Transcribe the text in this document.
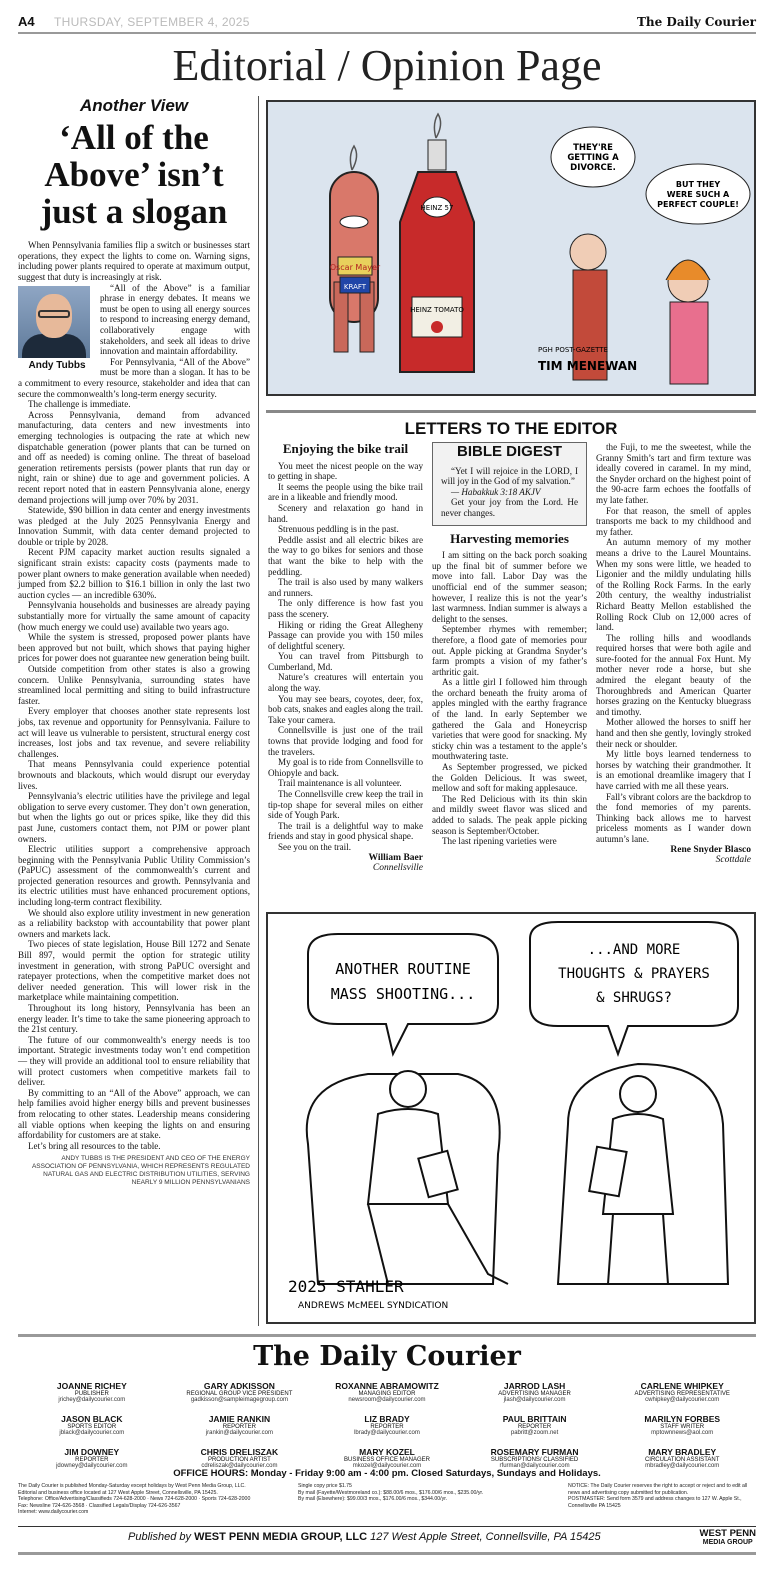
A4 THURSDAY, SEPTEMBER 4, 2025	The Daily Courier
Editorial / Opinion Page
Another View
‘All of the Above’ isn’t just a slogan

When Pennsylvania families flip a switch or businesses start operations, they expect the lights to come on. Warning signs, including power plants required to operate at maximum output, suggest that duty is increasingly at risk.

Andy Tubbs

“All of the Above” is a familiar phrase in energy debates. It means we must be open to using all energy sources to respond to increasing energy demand, collaboratively engage with stakeholders, and seek all ideas to drive innovation and maintain affordability.

For Pennsylvania, “All of the Above” must be more than a slogan. It has to be a commitment to every resource, stakeholder and idea that can secure the commonwealth’s long-term energy security.

The challenge is immediate.

Across Pennsylvania, demand from advanced manufacturing, data centers and new investments into emerging technologies is outpacing the rate at which new dispatchable generation (power plants that can be turned on and off as needed) is coming online. The threat of baseload generation retirements persists (power plants that run day or night, rain or shine) due to age and government policies. A recent report noted that in eastern Pennsylvania alone, energy demand projections will jump over 70% by 2031.

Statewide, $90 billion in data center and energy investments was pledged at the July 2025 Pennsylvania Energy and Innovation Summit, with data center demand projected to double or triple by 2028.

Recent PJM capacity market auction results signaled a significant strain exists: capacity costs (payments made to power plant owners to make generation available when needed) jumped from $2.2 billion to $16.1 billion in only the last two auction cycles — an incredible 630%.

Pennsylvania households and businesses are already paying substantially more for virtually the same amount of capacity (how much energy we could use) available two years ago.

While the system is stressed, proposed power plants have been approved but not built, which shows that paying higher prices for power does not guarantee new generation being built.

Outside competition from other states is also a growing concern. Unlike Pennsylvania, surrounding states have streamlined local permitting and siting to build infrastructure faster.

Every employer that chooses another state represents lost jobs, tax revenue and opportunity for Pennsylvania. Failure to act will leave us vulnerable to persistent, structural energy cost increases, lost jobs and tax revenue, and severe reliability challenges.

That means Pennsylvania could experience potential brownouts and blackouts, which would disrupt our everyday lives.

Pennsylvania’s electric utilities have the privilege and legal obligation to serve every customer. They don’t own generation, but when the lights go out or prices spike, like they did this past June, customers contact them, not PJM or power plant owners.

Electric utilities support a comprehensive approach beginning with the Pennsylvania Public Utility Commission’s (PaPUC) assessment of the commonwealth’s current and projected generation resources and growth. Pennsylvania and its electric utilities must have enhanced procurement options, including long-term contract flexibility.

We should also explore utility investment in new generation as a reliability backstop with accountability that power plant owners and markets lack.

Two pieces of state legislation, House Bill 1272 and Senate Bill 897, would permit the option for strategic utility investment in generation, with strong PaPUC oversight and ratepayer protections, when the competitive market does not deliver needed generation. This will lower risk in the marketplace while maintaining competition.

Throughout its long history, Pennsylvania has been an energy leader. It’s time to take the same pioneering approach to the 21st century.

The future of our commonwealth’s energy needs is too important. Strategic investments today won’t end competition — they will provide an additional tool to ensure reliability that will protect customers when competitive markets fail to deliver.

By committing to an “All of the Above” approach, we can help families avoid higher energy bills and prevent businesses from relocating to other states. Leadership means considering all viable options when keeping the lights on and ensuring affordability for customers are at stake.

Let’s bring all resources to the table.

ANDY TUBBS IS THE PRESIDENT AND CEO OF THE ENERGY ASSOCIATION OF PENNSYLVANIA, WHICH REPRESENTS REGULATED NATURAL GAS AND ELECTRIC DISTRIBUTION UTILITIES, SERVING NEARLY 9 MILLION PENNSYLVANIANS
Oscar Mayer
KRAFT
HEINZ 57
HEINZ TOMATO
THEY'RE GETTING A DIVORCE.
BUT THEY WERE SUCH A PERFECT COUPLE!
PGH POST-GAZETTE
TIM MENEWAN
LETTERS TO THE EDITOR
Enjoying the bike trail

You meet the nicest people on the way to getting in shape.

It seems the people using the bike trail are in a likeable and friendly mood.

Scenery and relaxation go hand in hand.

Strenuous peddling is in the past.

Peddle assist and all electric bikes are the way to go bikes for seniors and those that want the bike to help with the peddling.

The trail is also used by many walkers and runners.

The only difference is how fast you pass the scenery.

Hiking or riding the Great Allegheny Passage can provide you with 150 miles of delightful scenery.

You can travel from Pittsburgh to Cumberland, Md.

Nature’s creatures will entertain you along the way.

You may see bears, coyotes, deer, fox, bob cats, snakes and eagles along the trail. Take your camera.

Connellsville is just one of the trail towns that provide lodging and food for the travelers.

My goal is to ride from Connellsville to Ohiopyle and back.

Trail maintenance is all volunteer.

The Connellsville crew keep the trail in tip-top shape for several miles on either side of Yough Park.

The trail is a delightful way to make friends and stay in good physical shape.

See you on the trail.

William Baer
Connellsville
BIBLE DIGEST

“Yet I will rejoice in the LORD, I will joy in the God of my salvation.”

— Habakkuk 3:18 AKJV

Get your joy from the Lord. He never changes.

Harvesting memories

I am sitting on the back porch soaking up the final bit of summer before we move into fall. Labor Day was the unofficial end of the summer season; however, I realize this is not the year’s last warmness. Indian summer is always a delight to the senses.

September rhymes with remember; therefore, a flood gate of memories pour out. Apple picking at Grandma Snyder’s farm prompts a vision of my father’s arthritic gait.

As a little girl I followed him through the orchard beneath the fruity aroma of apples mingled with the earthy fragrance of the land. In early September we gathered the Gala and Honeycrisp varieties that were good for snacking. My sticky chin was a testament to the apple’s mouthwatering taste.

As September progressed, we picked the Golden Delicious. It was sweet, mellow and soft for making applesauce.

The Red Delicious with its thin skin and mildly sweet flavor was sliced and added to salads. The peak apple picking season is September/October.

The last ripening varieties were

the Fuji, to me the sweetest, while the Granny Smith’s tart and firm texture was ideally covered in caramel. In my mind, the Snyder orchard on the highest point of the 90-acre farm echoes the footfalls of my late father.

For that reason, the smell of apples transports me back to my childhood and my father.

An autumn memory of my mother means a drive to the Laurel Mountains. When my sons were little, we headed to Ligonier and the mildly undulating hills of the Rolling Rock Farms. In the early 20th century, the wealthy industrialist Richard Beatty Mellon established the Rolling Rock Club on 12,000 acres of land.

The rolling hills and woodlands required horses that were both agile and sure-footed for the annual Fox Hunt. My mother never rode a horse, but she admired the elegant beauty of the Thoroughbreds and American Quarter horses grazing on the Kentucky bluegrass and timothy.

Mother allowed the horses to sniff her hand and then she gently, lovingly stroked their neck or shoulder.

My little boys learned tenderness to horses by watching their grandmother. It is an emotional dreamlike imagery that I have carried with me all these years.

Fall’s vibrant colors are the backdrop to the fond memories of my parents. Thinking back allows me to harvest priceless moments as I wander down autumn’s lane.

Rene Snyder Blasco
Scottdale
ANOTHER ROUTINE
MASS SHOOTING...
...AND MORE
THOUGHTS & PRAYERS
& SHRUGS?
2025 STAHLER
ANDREWS McMEEL SYNDICATION
The Daily Courier
JOANNE RICHEY
PUBLISHER
jrichey@dailycourier.com
GARY ADKISSON
REGIONAL GROUP VICE PRESIDENT
gadkisson@sampleimagegroup.com
ROXANNE ABRAMOWITZ
MANAGING EDITOR
newsroom@dailycourier.com
JARROD LASH
ADVERTISING MANAGER
jlash@dailycourier.com
CARLENE WHIPKEY
ADVERTISING REPRESENTATIVE
cwhipkey@dailycourier.com
JASON BLACK
SPORTS EDITOR
jblack@dailycourier.com
JAMIE RANKIN
REPORTER
jrankin@dailycourier.com
LIZ BRADY
REPORTER
lbrady@dailycourier.com
PAUL BRITTAIN
REPORTER
pabritt@zoom.net
MARILYN FORBES
STAFF WRITER
mptownnews@aol.com
JIM DOWNEY
REPORTER
jdowney@dailycourier.com
CHRIS DRELISZAK
PRODUCTION ARTIST
cdreliszak@dailycourier.com
MARY KOZEL
BUSINESS OFFICE MANAGER
mkozel@dailycourier.com
ROSEMARY FURMAN
SUBSCRIPTIONS/ CLASSIFIED
rfurman@dailycourier.com
MARY BRADLEY
CIRCULATION ASSISTANT
mbradley@dailycourier.com
OFFICE HOURS: Monday - Friday 9:00 am - 4:00 pm. Closed Saturdays, Sundays and Holidays.
The Daily Courier is published Monday-Saturday except holidays by West Penn Media Group, LLC.
Editorial and business office located at 127 West Apple Street, Connellsville, PA 15425.
Telephone: Office/Advertising/Classifieds 724-628-2000 · News 724-628-2000 · Sports 724-628-2000
Fax: Newsline 724-626-3568 · Classified Legals/Display 724-626-3567
Internet: www.dailycourier.com
Single copy price $1.75
By mail (Fayette/Westmoreland co.): $88.00/6 mos., $176.00/6 mos., $235.00/yr.
By mail (Elsewhere): $99.00/3 mos., $176.00/6 mos., $344.00/yr.
NOTICE: The Daily Courier reserves the right to accept or reject and to edit all news and advertising copy submitted for publication.
POSTMASTER: Send form 3579 and address changes to 127 W. Apple St., Connellsville PA 15425
Published by WEST PENN MEDIA GROUP, LLC 127 West Apple Street, Connellsville, PA 15425	WEST PENN
MEDIA GROUP
